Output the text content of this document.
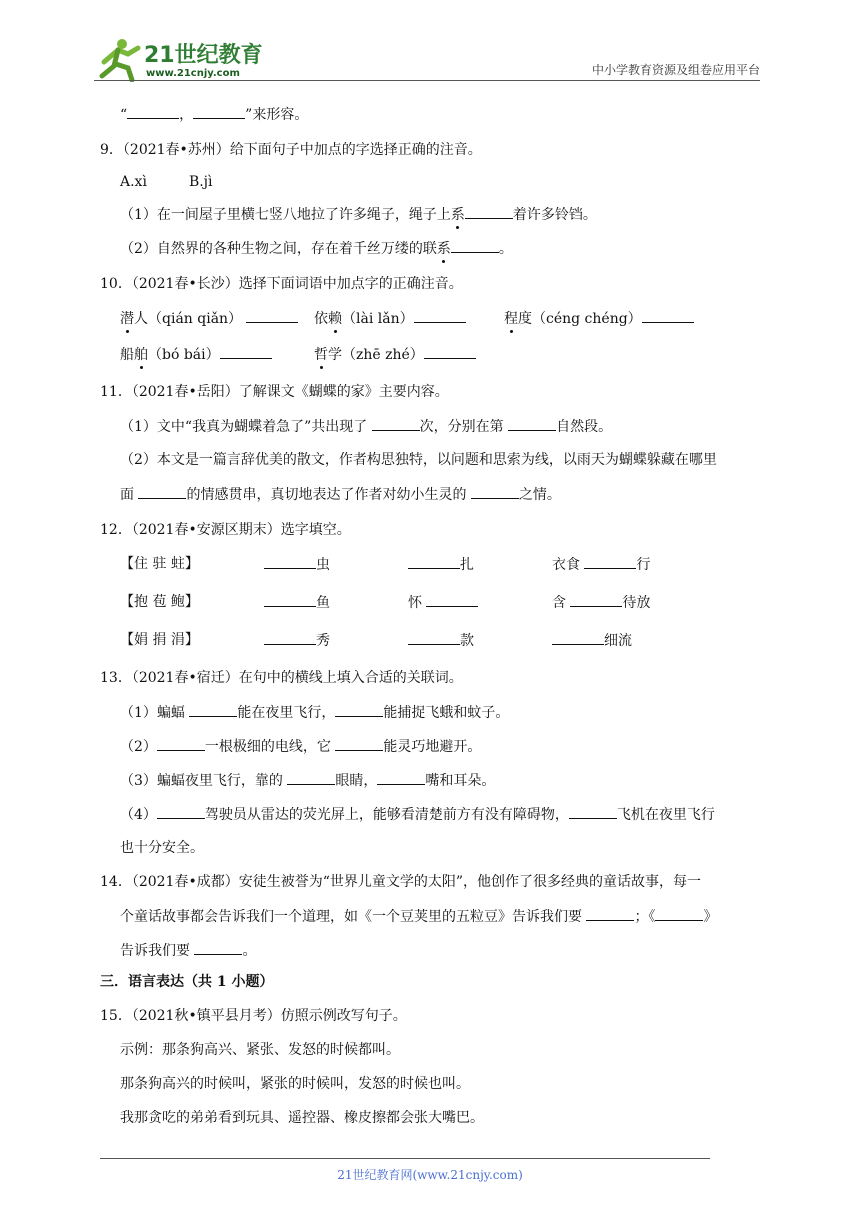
21世纪教育
www.21cnjy.com	中小学教育资源及组卷应用平台
“	，	”来形容。
9．（2021春•苏州）给下面句子中加点的字选择正确的注音。
A.xì	B.jì
（1）在一间屋子里横七竖八地拉了许多绳子，绳子上系	着许多铃铛。
（2）自然界的各种生物之间，存在着千丝万缕的联系	。
10．（2021春•长沙）选择下面词语中加点字的正确注音。
潜人（qián qiǎn）	依赖（lài lǎn）	程度（céng chéng）
船舶（bó bái）	哲学（zhē zhé）
11．（2021春•岳阳）了解课文《蝴蝶的家》主要内容。
（1）文中“我真为蝴蝶着急了”共出现了	次，分别在第	自然段。
（2）本文是一篇言辞优美的散文，作者构思独特，以问题和思索为线，以雨天为蝴蝶躲藏在哪里
面	的情感贯串，真切地表达了作者对幼小生灵的	之情。
12．（2021春•安源区期末）选字填空。
【住 驻 蛀】	虫	扎	衣食	行
【抱 苞 鲍】	鱼	怀	含	待放
【娟 捐 涓】	秀	款	细流
13．（2021春•宿迁）在句中的横线上填入合适的关联词。
（1）蝙蝠	能在夜里飞行，	能捕捉飞蛾和蚊子。
（2）	一根极细的电线，它	能灵巧地避开。
（3）蝙蝠夜里飞行，靠的	眼睛，	嘴和耳朵。
（4）	驾驶员从雷达的荧光屏上，能够看清楚前方有没有障碍物，	飞机在夜里飞行
也十分安全。
14．（2021春•成都）安徒生被誉为“世界儿童文学的太阳”，他创作了很多经典的童话故事，每一
个童话故事都会告诉我们一个道理，如《一个豆荚里的五粒豆》告诉我们要	；《	》
告诉我们要	。
三．语言表达（共 1 小题）
15．（2021秋•镇平县月考）仿照示例改写句子。
示例：那条狗高兴、紧张、发怒的时候都叫。
那条狗高兴的时候叫，紧张的时候叫，发怒的时候也叫。
我那贪吃的弟弟看到玩具、遥控器、橡皮擦都会张大嘴巴。
21世纪教育网(www.21cnjy.com)
